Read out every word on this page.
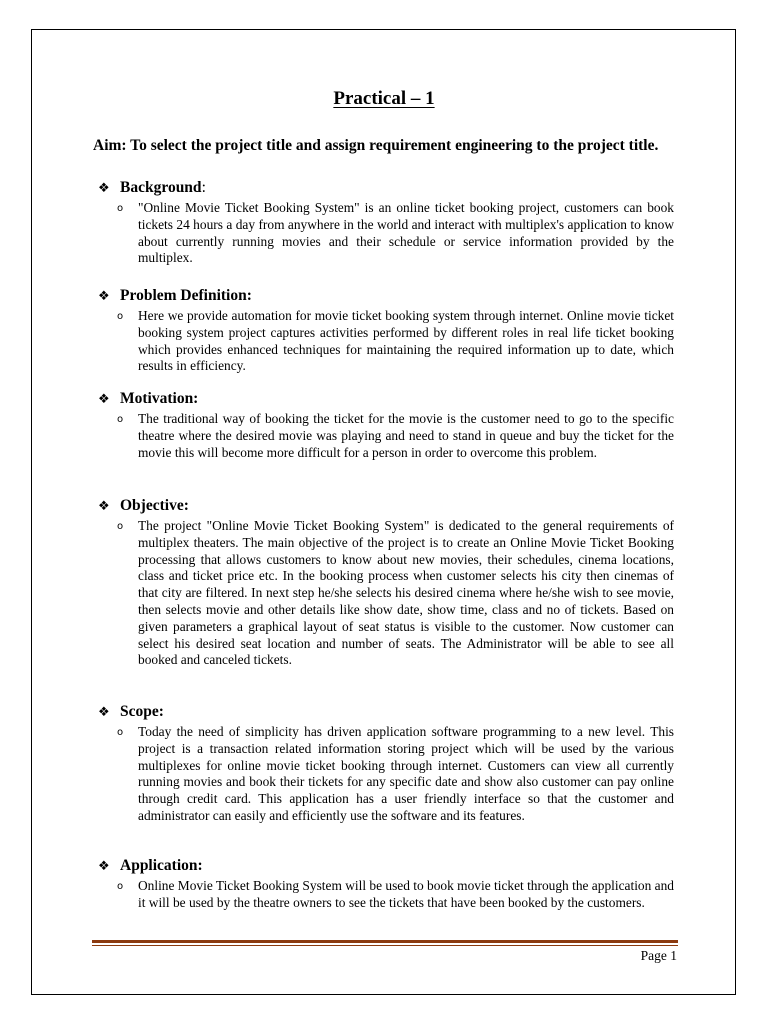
Practical – 1
Aim: To select the project title and assign requirement engineering to the project title.
❖ Background:
o "Online Movie Ticket Booking System" is an online ticket booking project, customers can book tickets 24 hours a day from anywhere in the world and interact with multiplex's application to know about currently running movies and their schedule or service information provided by the multiplex.
❖ Problem Definition:
o Here we provide automation for movie ticket booking system through internet. Online movie ticket booking system project captures activities performed by different roles in real life ticket booking which provides enhanced techniques for maintaining the required information up to date, which results in efficiency.
❖ Motivation:
o The traditional way of booking the ticket for the movie is the customer need to go to the specific theatre where the desired movie was playing and need to stand in queue and buy the ticket for the movie this will become more difficult for a person in order to overcome this problem.
❖ Objective:
o The project "Online Movie Ticket Booking System" is dedicated to the general requirements of multiplex theaters. The main objective of the project is to create an Online Movie Ticket Booking processing that allows customers to know about new movies, their schedules, cinema locations, class and ticket price etc. In the booking process when customer selects his city then cinemas of that city are filtered. In next step he/she selects his desired cinema where he/she wish to see movie, then selects movie and other details like show date, show time, class and no of tickets. Based on given parameters a graphical layout of seat status is visible to the customer. Now customer can select his desired seat location and number of seats. The Administrator will be able to see all booked and canceled tickets.
❖ Scope:
o Today the need of simplicity has driven application software programming to a new level. This project is a transaction related information storing project which will be used by the various multiplexes for online movie ticket booking through internet. Customers can view all currently running movies and book their tickets for any specific date and show also customer can pay online through credit card. This application has a user friendly interface so that the customer and administrator can easily and efficiently use the software and its features.
❖ Application:
o Online Movie Ticket Booking System will be used to book movie ticket through the application and it will be used by the theatre owners to see the tickets that have been booked by the customers.
Page 1
